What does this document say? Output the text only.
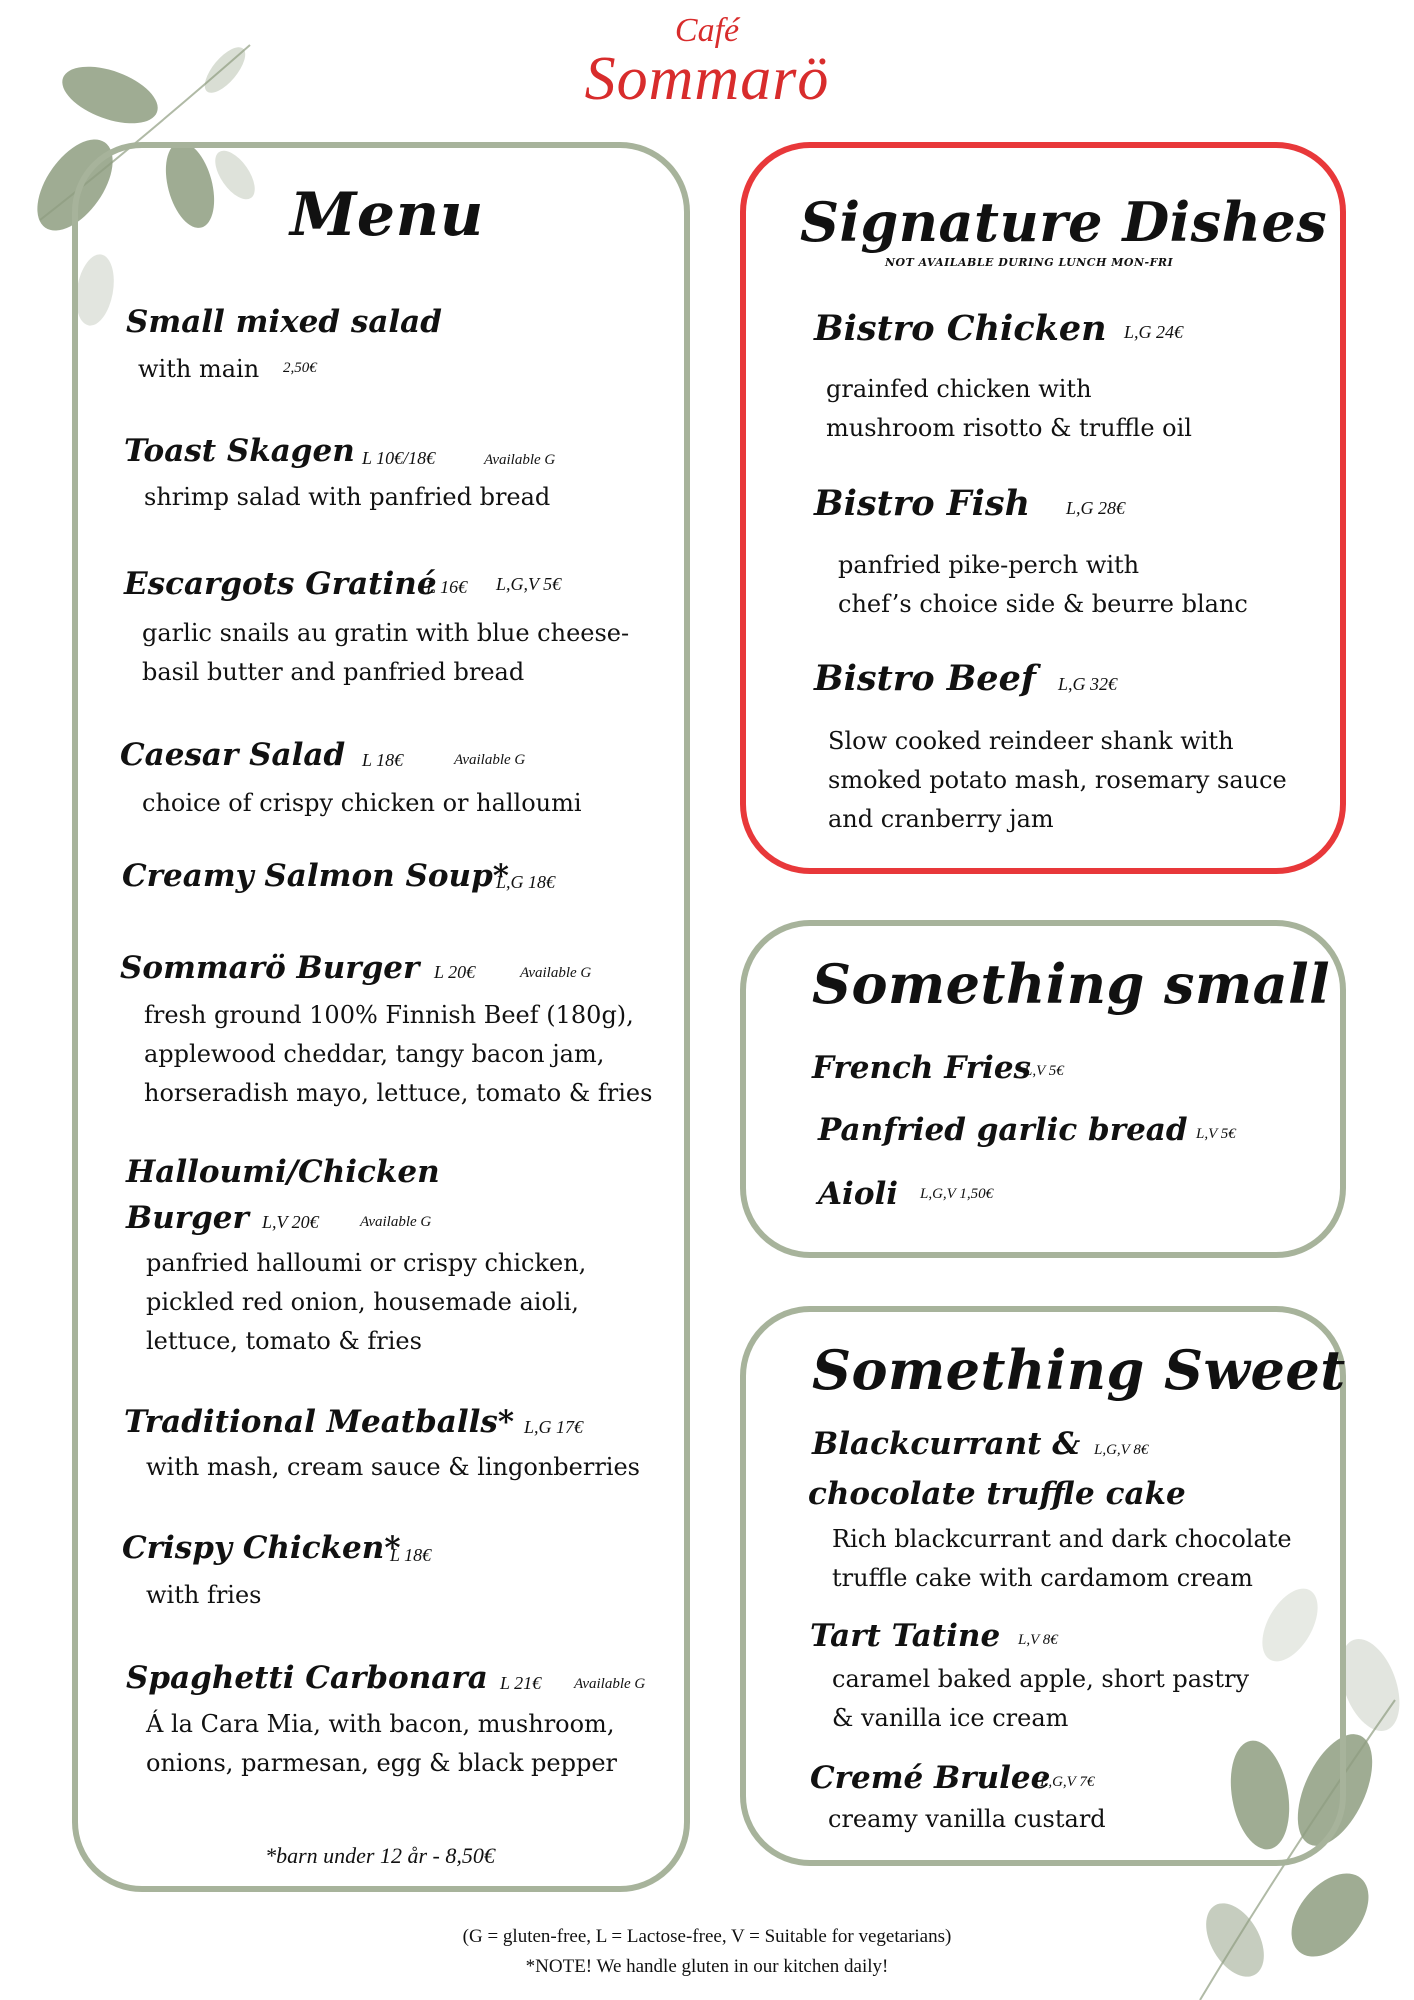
Café
Sommarö
Menu
Small mixed salad
with main 2,50€
Toast Skagen L 10€/18€	Available G
shrimp salad with panfried bread
Escargots Gratiné
L 16€ L,G,V 5€
garlic snails au gratin with blue cheese-
basil butter and panfried bread
Caesar Salad L 18€	Available G
choice of crispy chicken or halloumi
Creamy Salmon Soup*
L,G 18€
Sommarö Burger L 20€	Available G
fresh ground 100% Finnish Beef (180g),
applewood cheddar, tangy bacon jam,
horseradish mayo, lettuce, tomato & fries
Halloumi/Chicken
Burger L,V 20€	Available G
panfried halloumi or crispy chicken,
pickled red onion, housemade aioli,
lettuce, tomato & fries
Traditional Meatballs* L,G 17€
with mash, cream sauce & lingonberries
Crispy Chicken*
L 18€
with fries
Spaghetti Carbonara L 21€ Available G
Á la Cara Mia, with bacon, mushroom,
onions, parmesan, egg & black pepper
*barn under 12 år - 8,50€
Signature Dishes
NOT AVAILABLE DURING LUNCH MON-FRI
Bistro Chicken L,G 24€
grainfed chicken with
mushroom risotto & truffle oil
Bistro Fish L,G 28€
panfried pike-perch with
chef’s choice side & beurre blanc
Bistro Beef L,G 32€
Slow cooked reindeer shank with
smoked potato mash, rosemary sauce
and cranberry jam
Something small
French Fries
L,V 5€
Panfried garlic bread L,V 5€
Aioli L,G,V 1,50€
Something Sweet
Blackcurrant & L,G,V 8€
chocolate truffle cake
Rich blackcurrant and dark chocolate
truffle cake with cardamom cream
Tart Tatine L,V 8€
caramel baked apple, short pastry
& vanilla ice cream
Cremé Brulee
L,G,V 7€
creamy vanilla custard
(G = gluten-free, L = Lactose-free, V = Suitable for vegetarians)
*NOTE! We handle gluten in our kitchen daily!
